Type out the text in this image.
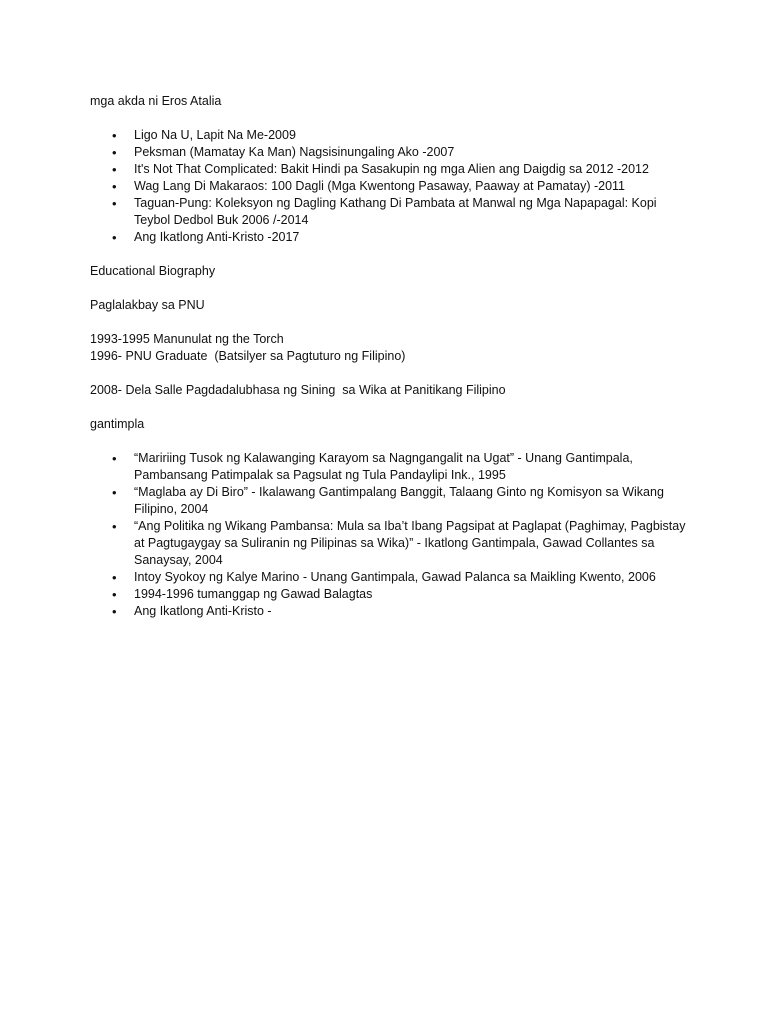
mga akda ni Eros Atalia

• Ligo Na U, Lapit Na Me-2009
• Peksman (Mamatay Ka Man) Nagsisinungaling Ako -2007
• It's Not That Complicated: Bakit Hindi pa Sasakupin ng mga Alien ang Daigdig sa 2012 -2012
• Wag Lang Di Makaraos: 100 Dagli (Mga Kwentong Pasaway, Paaway at Pamatay) -2011
• Taguan-Pung: Koleksyon ng Dagling Kathang Di Pambata at Manwal ng Mga Napapagal: Kopi Teybol Dedbol Buk 2006 /-2014
• Ang Ikatlong Anti-Kristo -2017

Educational Biography

Paglalakbay sa PNU

1993-1995 Manunulat ng the Torch

1996- PNU Graduate  (Batsilyer sa Pagtuturo ng Filipino)

2008- Dela Salle Pagdadalubhasa ng Sining  sa Wika at Panitikang Filipino

gantimpla

• “Maririing Tusok ng Kalawanging Karayom sa Nagngangalit na Ugat” - Unang Gantimpala, Pambansang Patimpalak sa Pagsulat ng Tula Pandaylipi Ink., 1995
• “Maglaba ay Di Biro” - Ikalawang Gantimpalang Banggit, Talaang Ginto ng Komisyon sa Wikang Filipino, 2004
• “Ang Politika ng Wikang Pambansa: Mula sa Iba’t Ibang Pagsipat at Paglapat (Paghimay, Pagbistay at Pagtugaygay sa Suliranin ng Pilipinas sa Wika)” - Ikatlong Gantimpala, Gawad Collantes sa Sanaysay, 2004
• Intoy Syokoy ng Kalye Marino - Unang Gantimpala, Gawad Palanca sa Maikling Kwento, 2006
• 1994-1996 tumanggap ng Gawad Balagtas
• Ang Ikatlong Anti-Kristo -
